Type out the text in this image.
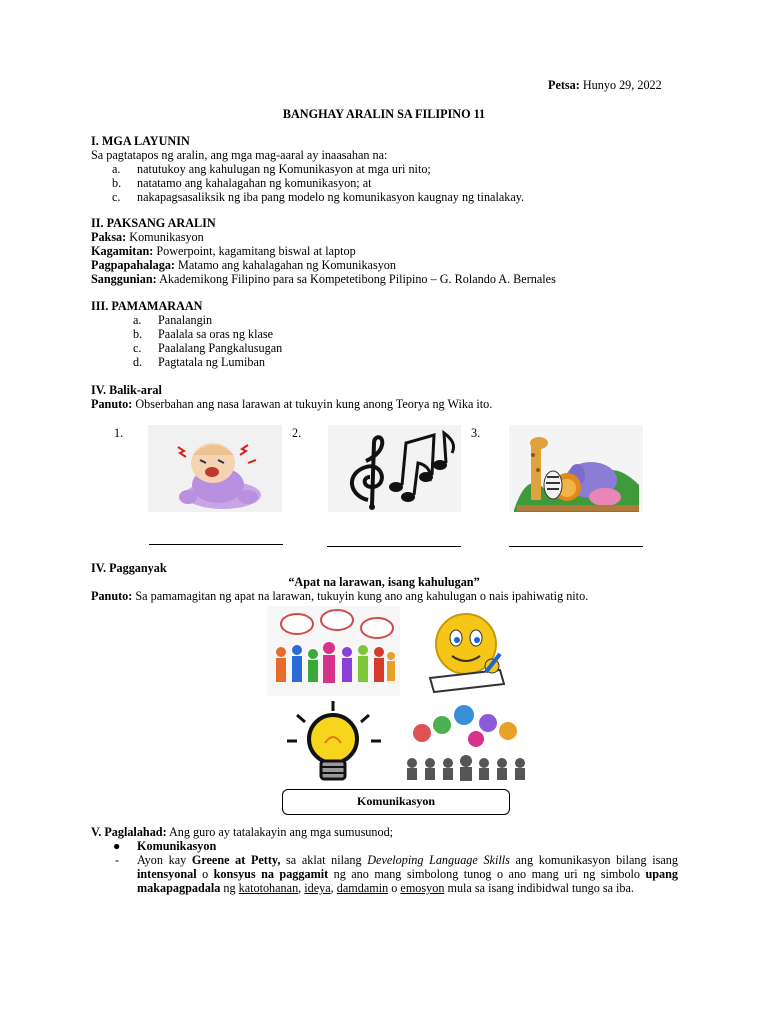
Petsa: Hunyo 29, 2022
BANGHAY ARALIN SA FILIPINO 11
I. MGA LAYUNIN
Sa pagtatapos ng aralin, ang mga mag-aaral ay inaasahan na:
a. natutukoy ang kahulugan ng Komunikasyon at mga uri nito;
b. natatamo ang kahalagahan ng komunikasyon; at
c. nakapagsasaliksik ng iba pang modelo ng komunikasyon kaugnay ng tinalakay.
II. PAKSANG ARALIN
Paksa: Komunikasyon
Kagamitan: Powerpoint, kagamitang biswal at laptop
Pagpapahalaga: Matamo ang kahalagahan ng Komunikasyon
Sanggunian: Akademikong Filipino para sa Kompetetibong Pilipino – G. Rolando A. Bernales
III. PAMAMARAAN
a. Panalangin
b. Paalala sa oras ng klase
c. Paalalang Pangkalusugan
d. Pagtatala ng Lumiban
IV. Balik-aral
Panuto: Obserbahan ang nasa larawan at tukuyin kung anong Teorya ng Wika ito.
1.	2.	3.
IV. Pagganyak
“Apat na larawan, isang kahulugan”
Panuto: Sa pamamagitan ng apat na larawan, tukuyin kung ano ang kahulugan o nais ipahiwatig nito.
Komunikasyon
V. Paglalahad: Ang guro ay tatalakayin ang mga sumusunod;
● Komunikasyon
- Ayon kay Greene at Petty, sa aklat nilang Developing Language Skills ang komunikasyon bilang isang intensyonal o konsyus na paggamit ng ano mang simbolong tunog o ano mang uri ng simbolo upang makapagpadala ng katotohanan, ideya, damdamin o emosyon mula sa isang indibidwal tungo sa iba.
